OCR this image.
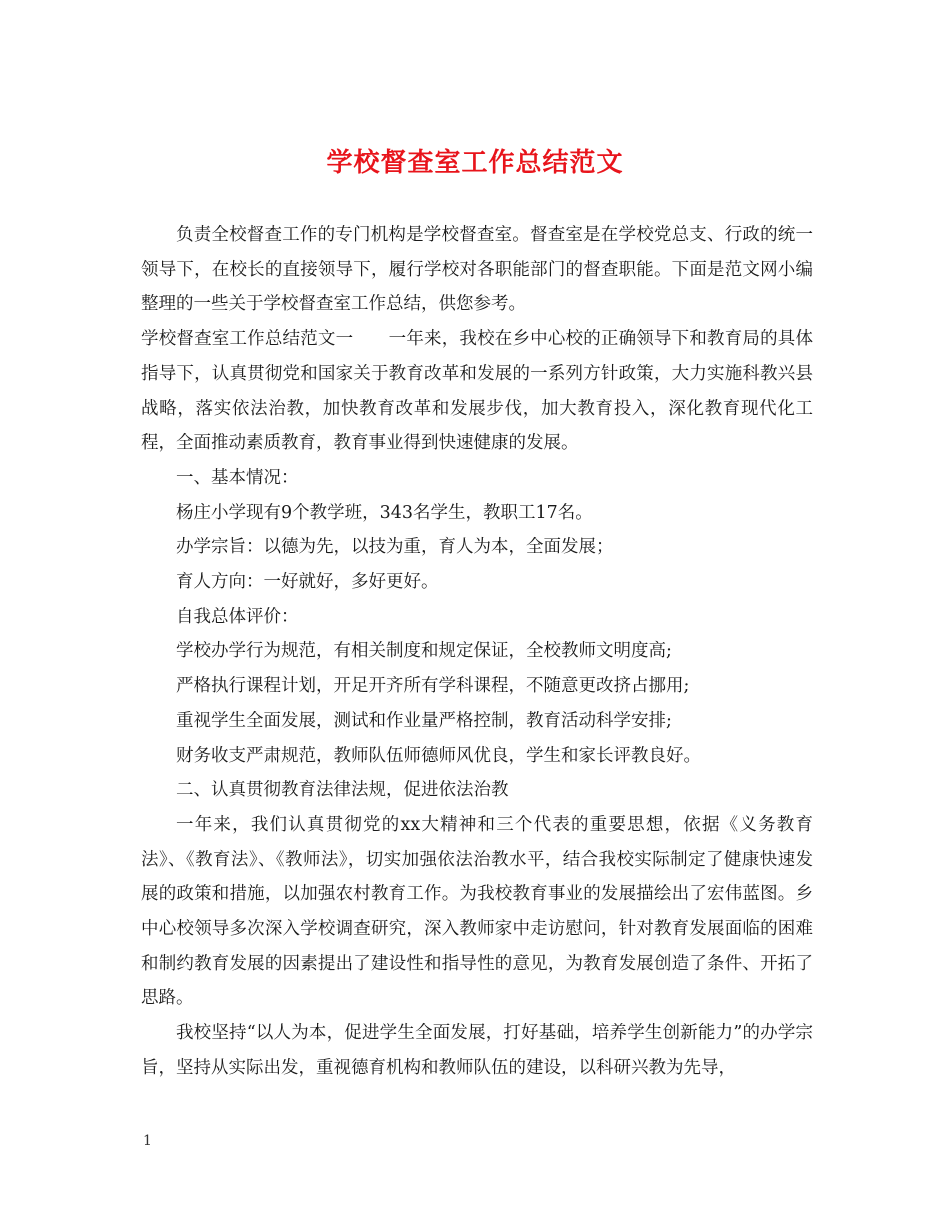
学校督查室工作总结范文

负责全校督查工作的专门机构是学校督查室。督查室是在学校党总支、行政的统一领导下，在校长的直接领导下，履行学校对各职能部门的督查职能。下面是范文网小编整理的一些关于学校督查室工作总结，供您参考。

学校督查室工作总结范文一　　一年来，我校在乡中心校的正确领导下和教育局的具体指导下，认真贯彻党和国家关于教育改革和发展的一系列方针政策，大力实施科教兴县战略，落实依法治教，加快教育改革和发展步伐，加大教育投入，深化教育现代化工程，全面推动素质教育，教育事业得到快速健康的发展。

一、基本情况：

杨庄小学现有9个教学班，343名学生，教职工17名。

办学宗旨：以德为先，以技为重，育人为本，全面发展；

育人方向：一好就好，多好更好。

自我总体评价：

学校办学行为规范，有相关制度和规定保证，全校教师文明度高;

严格执行课程计划，开足开齐所有学科课程，不随意更改挤占挪用;

重视学生全面发展，测试和作业量严格控制，教育活动科学安排;

财务收支严肃规范，教师队伍师德师风优良，学生和家长评教良好。

二、认真贯彻教育法律法规，促进依法治教

一年来，我们认真贯彻党的xx大精神和三个代表的重要思想，依据《义务教育法》、《教育法》、《教师法》，切实加强依法治教水平，结合我校实际制定了健康快速发展的政策和措施，以加强农村教育工作。为我校教育事业的发展描绘出了宏伟蓝图。乡中心校领导多次深入学校调查研究，深入教师家中走访慰问，针对教育发展面临的困难和制约教育发展的因素提出了建设性和指导性的意见，为教育发展创造了条件、开拓了思路。

我校坚持“以人为本，促进学生全面发展，打好基础，培养学生创新能力”的办学宗旨，坚持从实际出发，重视德育机构和教师队伍的建设，以科研兴教为先导，

1
